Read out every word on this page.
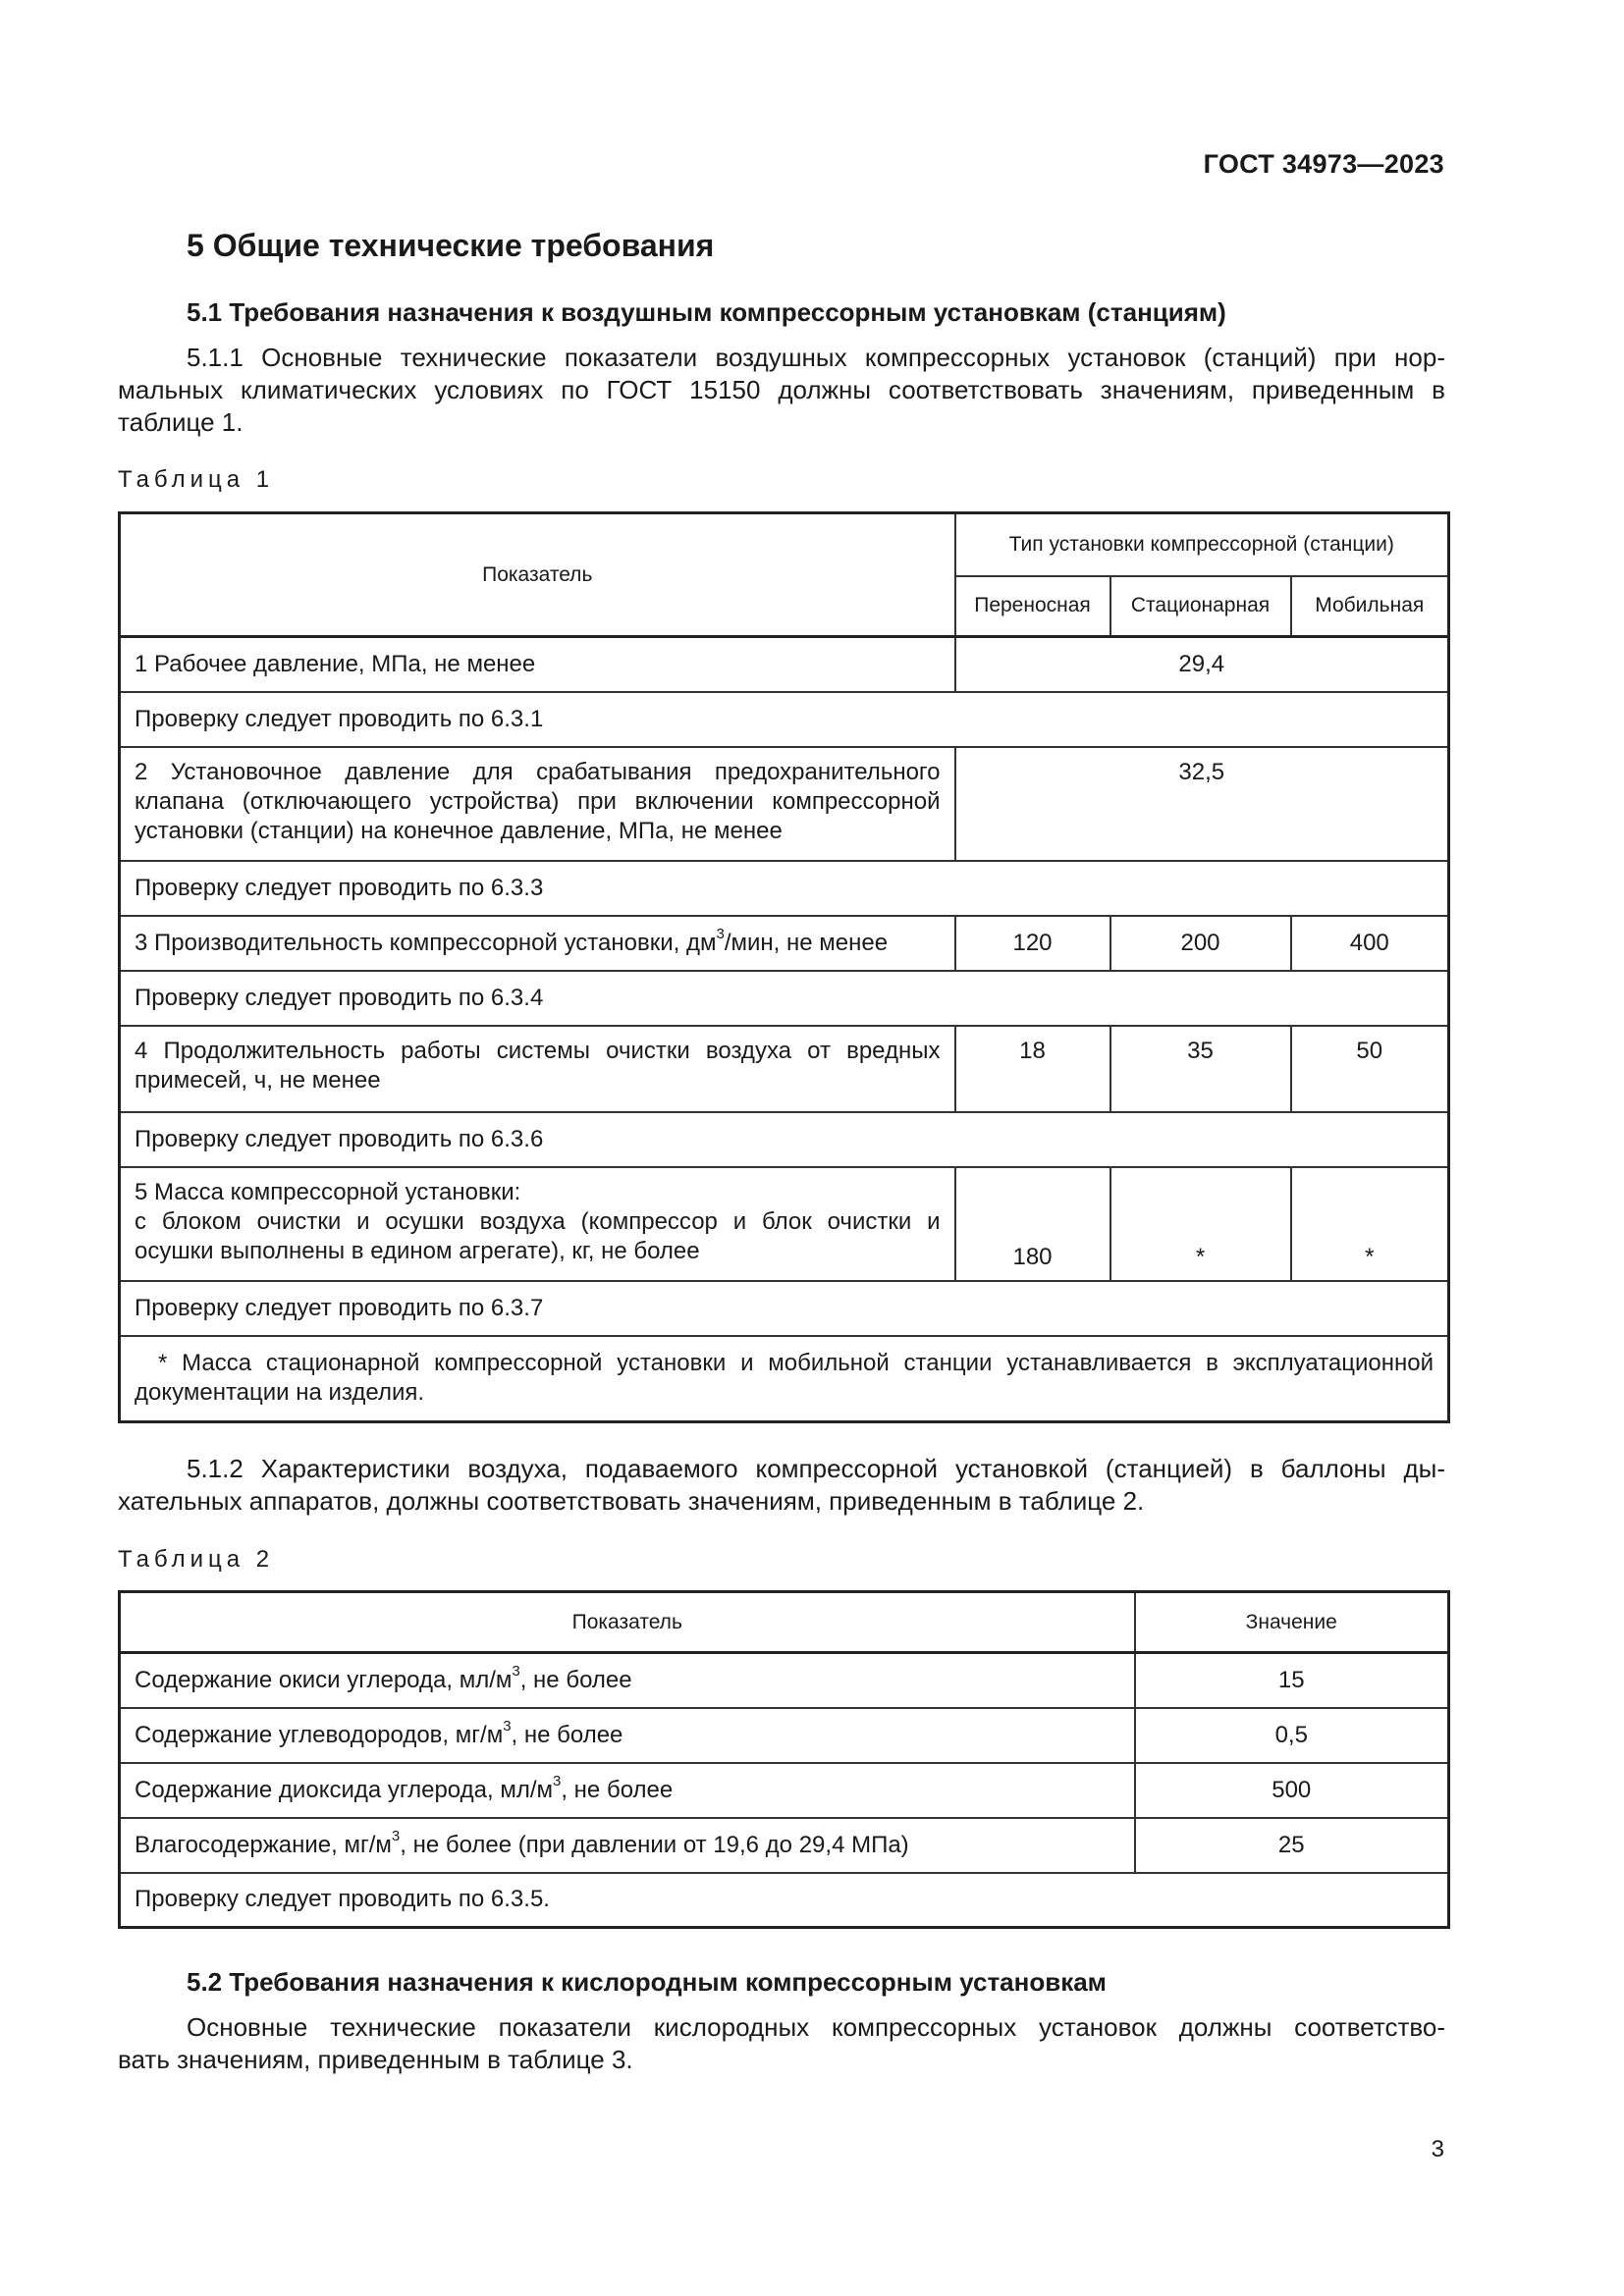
ГОСТ 34973—2023
5 Общие технические требования
5.1 Требования назначения к воздушным компрессорным установкам (станциям)
5.1.1 Основные технические показатели воздушных компрессорных установок (станций) при нор-
мальных климатических условиях по ГОСТ 15150 должны соответствовать значениям, приведенным в
таблице 1.
Таблица 1
Показатель	Тип установки компрессорной (станции)		
	Переносная	Стационарная	Мобильная
1 Рабочее давление, МПа, не менее	29,4		
Проверку следует проводить по 6.3.1			

2 Установочное давление для срабатывания предохранительного
клапана (отключающего устройства) при включении компрессорной
установки (станции) на конечное давление, МПа, не менее	32,5		
Проверку следует проводить по 6.3.3			
3 Производительность компрессорной установки, $дм^3$/мин, не менее	120	200	400
Проверку следует проводить по 6.3.4			

4 Продолжительность работы системы очистки воздуха от вредных
примесей, ч, не менее	18	35	50
Проверку следует проводить по 6.3.6			

5 Масса компрессорной установки:
с блоком очистки и осушки воздуха (компрессор и блок очистки и
осушки выполнены в едином агрегате), кг, не более	180	*	*
Проверку следует проводить по 6.3.7			

* Масса стационарной компрессорной установки и мобильной станции устанавливается в эксплуатационной
документации на изделия.			
5.1.2 Характеристики воздуха, подаваемого компрессорной установкой (станцией) в баллоны ды-
хательных аппаратов, должны соответствовать значениям, приведенным в таблице 2.
Таблица 2
Показатель	Значение
Содержание окиси углерода, $мл/м^3$, не более	15
Содержание углеводородов, $мг/м^3$, не более	0,5
Содержание диоксида углерода, $мл/м^3$, не более	500
Влагосодержание, $мг/м^3$, не более (при давлении от 19,6 до 29,4 МПа)	25
Проверку следует проводить по 6.3.5.	
5.2 Требования назначения к кислородным компрессорным установкам
Основные технические показатели кислородных компрессорных установок должны соответство-
вать значениям, приведенным в таблице 3.
3
